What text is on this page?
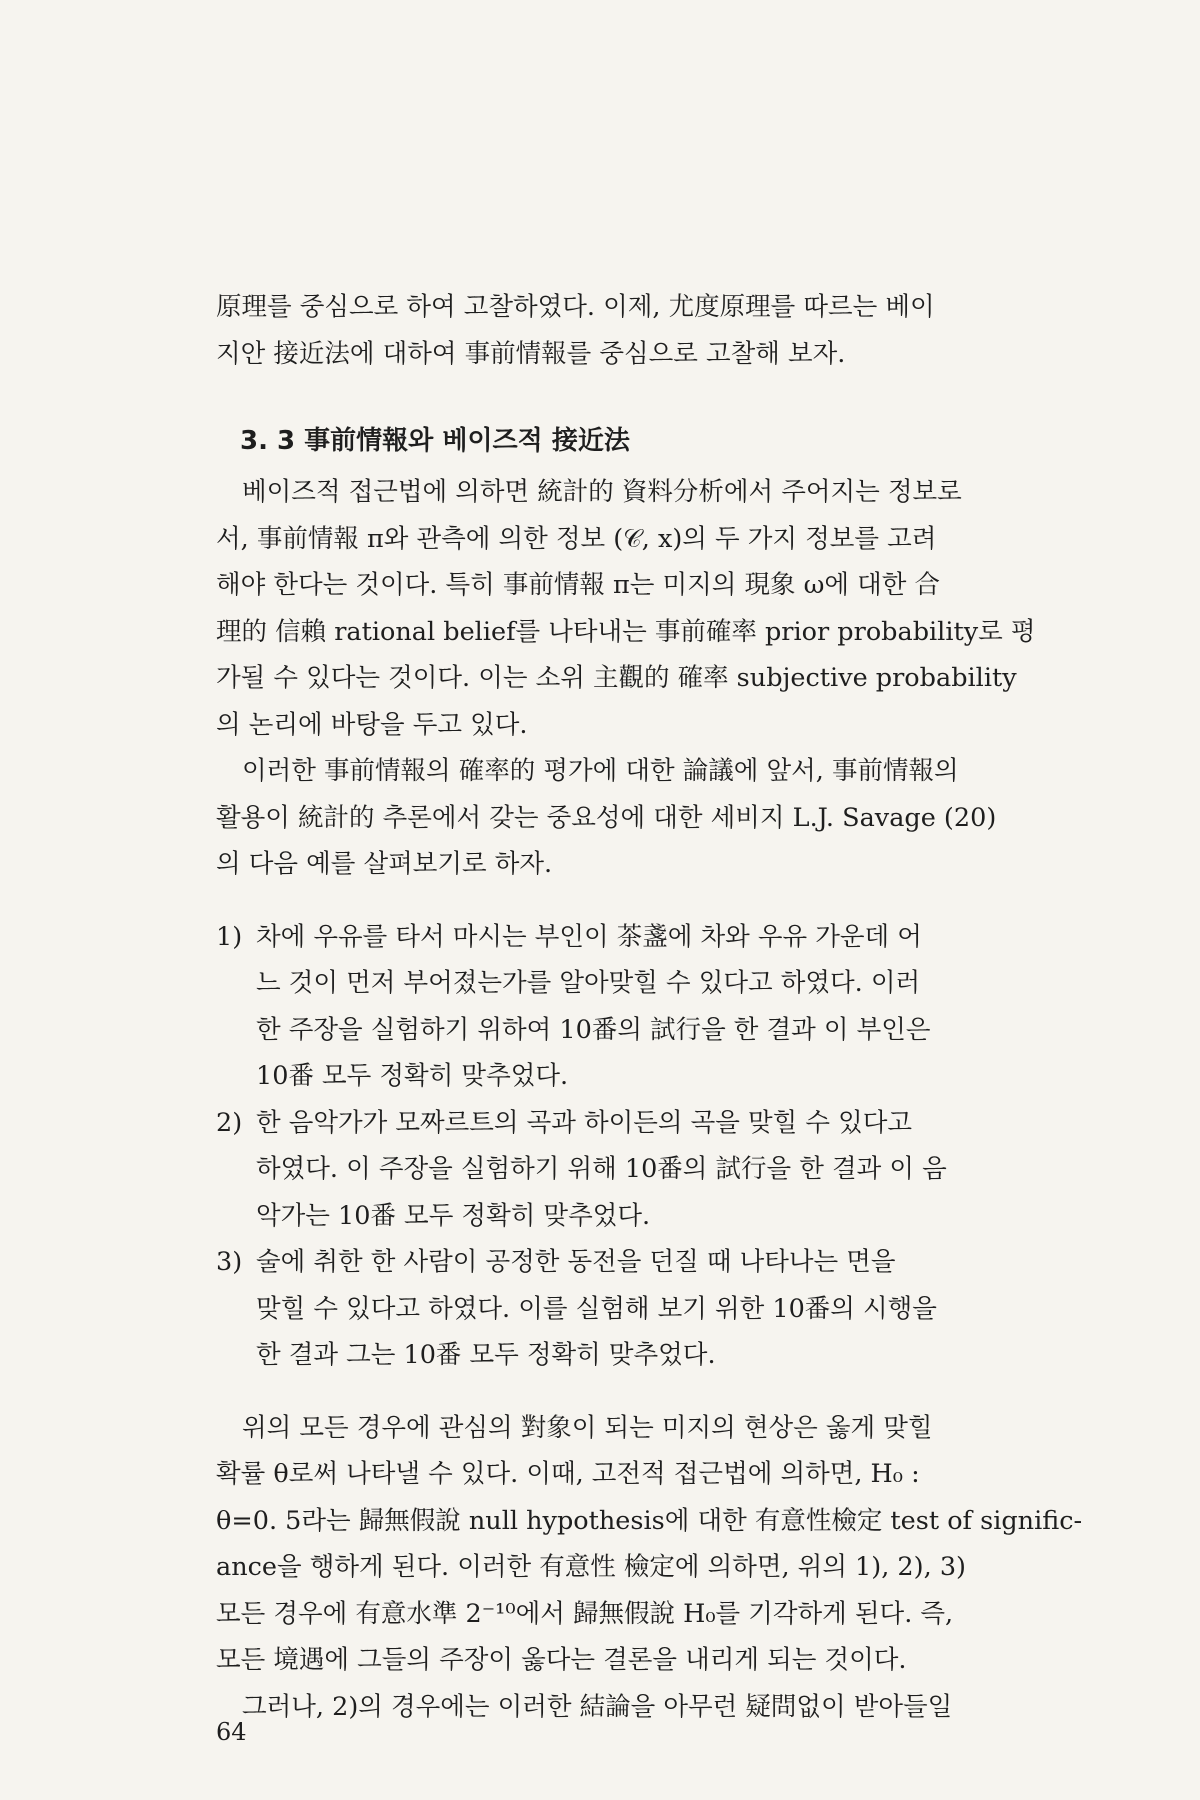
原理를 중심으로 하여 고찰하였다. 이제, 尤度原理를 따르는 베이
지안 接近法에 대하여 事前情報를 중심으로 고찰해 보자.

3. 3 事前情報와 베이즈적 接近法

베이즈적 접근법에 의하면 統計的 資料分析에서 주어지는 정보로
서, 事前情報 π와 관측에 의한 정보 (𝒞, x)의 두 가지 정보를 고려
해야 한다는 것이다. 특히 事前情報 π는 미지의 現象 ω에 대한 合
理的 信賴 rational belief를 나타내는 事前確率 prior probability로 평
가될 수 있다는 것이다. 이는 소위 主觀的 確率 subjective probability
의 논리에 바탕을 두고 있다.

이러한 事前情報의 確率的 평가에 대한 論議에 앞서, 事前情報의
활용이 統計的 추론에서 갖는 중요성에 대한 세비지 L.J. Savage (20)
의 다음 예를 살펴보기로 하자.

1) 차에 우유를 타서 마시는 부인이 茶盞에 차와 우유 가운데 어
느 것이 먼저 부어졌는가를 알아맞힐 수 있다고 하였다. 이러
한 주장을 실험하기 위하여 10番의 試行을 한 결과 이 부인은
10番 모두 정확히 맞추었다.

2) 한 음악가가 모짜르트의 곡과 하이든의 곡을 맞힐 수 있다고
하였다. 이 주장을 실험하기 위해 10番의 試行을 한 결과 이 음
악가는 10番 모두 정확히 맞추었다.

3) 술에 취한 한 사람이 공정한 동전을 던질 때 나타나는 면을
맞힐 수 있다고 하였다. 이를 실험해 보기 위한 10番의 시행을
한 결과 그는 10番 모두 정확히 맞추었다.

위의 모든 경우에 관심의 對象이 되는 미지의 현상은 옳게 맞힐
확률 θ로써 나타낼 수 있다. 이때, 고전적 접근법에 의하면, H₀ :
θ=0. 5라는 歸無假說 null hypothesis에 대한 有意性檢定 test of signific-
ance을 행하게 된다. 이러한 有意性 檢定에 의하면, 위의 1), 2), 3)
모든 경우에 有意水準 2⁻¹⁰에서 歸無假說 H₀를 기각하게 된다. 즉,
모든 境遇에 그들의 주장이 옳다는 결론을 내리게 되는 것이다.

그러나, 2)의 경우에는 이러한 結論을 아무런 疑問없이 받아들일

64
